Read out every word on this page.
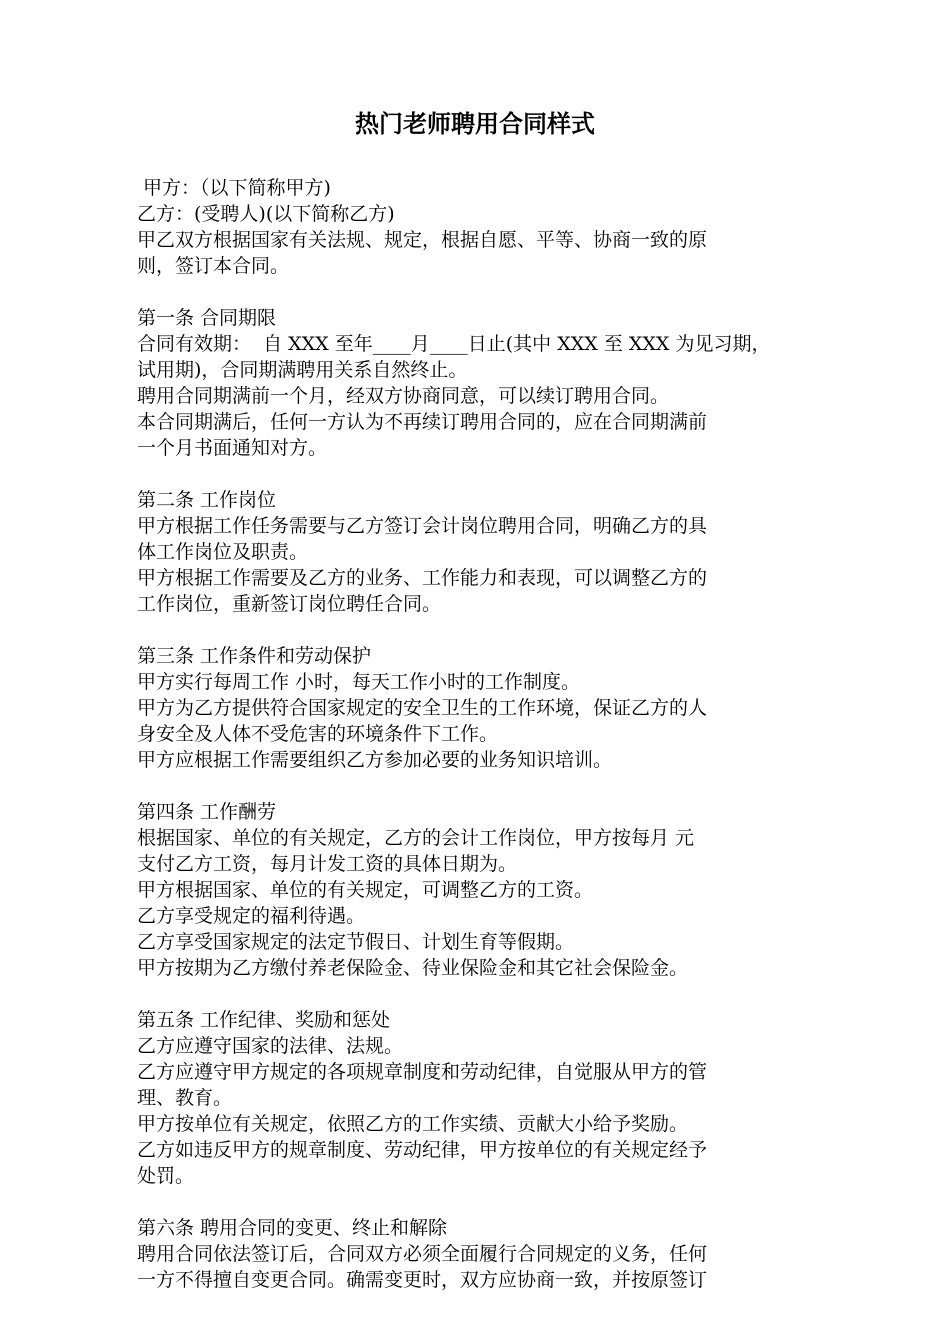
热门老师聘用合同样式
甲方：（以下简称甲方)
乙方：(受聘人)(以下简称乙方)
甲乙双方根据国家有关法规、规定，根据自愿、平等、协商一致的原
则，签订本合同。
第一条 合同期限
合同有效期：  自 XXX 至年____月____日止(其中 XXX 至 XXX 为见习期，
试用期)，合同期满聘用关系自然终止。
聘用合同期满前一个月，经双方协商同意，可以续订聘用合同。
本合同期满后，任何一方认为不再续订聘用合同的，应在合同期满前
一个月书面通知对方。
第二条 工作岗位
甲方根据工作任务需要与乙方签订会计岗位聘用合同，明确乙方的具
体工作岗位及职责。
甲方根据工作需要及乙方的业务、工作能力和表现，可以调整乙方的
工作岗位，重新签订岗位聘任合同。
第三条 工作条件和劳动保护
甲方实行每周工作 小时，每天工作小时的工作制度。
甲方为乙方提供符合国家规定的安全卫生的工作环境，保证乙方的人
身安全及人体不受危害的环境条件下工作。
甲方应根据工作需要组织乙方参加必要的业务知识培训。
第四条 工作酬劳
根据国家、单位的有关规定，乙方的会计工作岗位，甲方按每月 元
支付乙方工资，每月计发工资的具体日期为。
甲方根据国家、单位的有关规定，可调整乙方的工资。
乙方享受规定的福利待遇。
乙方享受国家规定的法定节假日、计划生育等假期。
甲方按期为乙方缴付养老保险金、待业保险金和其它社会保险金。
第五条 工作纪律、奖励和惩处
乙方应遵守国家的法律、法规。
乙方应遵守甲方规定的各项规章制度和劳动纪律，自觉服从甲方的管
理、教育。
甲方按单位有关规定，依照乙方的工作实绩、贡献大小给予奖励。
乙方如违反甲方的规章制度、劳动纪律，甲方按单位的有关规定经予
处罚。
第六条 聘用合同的变更、终止和解除
聘用合同依法签订后，合同双方必须全面履行合同规定的义务，任何
一方不得擅自变更合同。确需变更时，双方应协商一致，并按原签订
